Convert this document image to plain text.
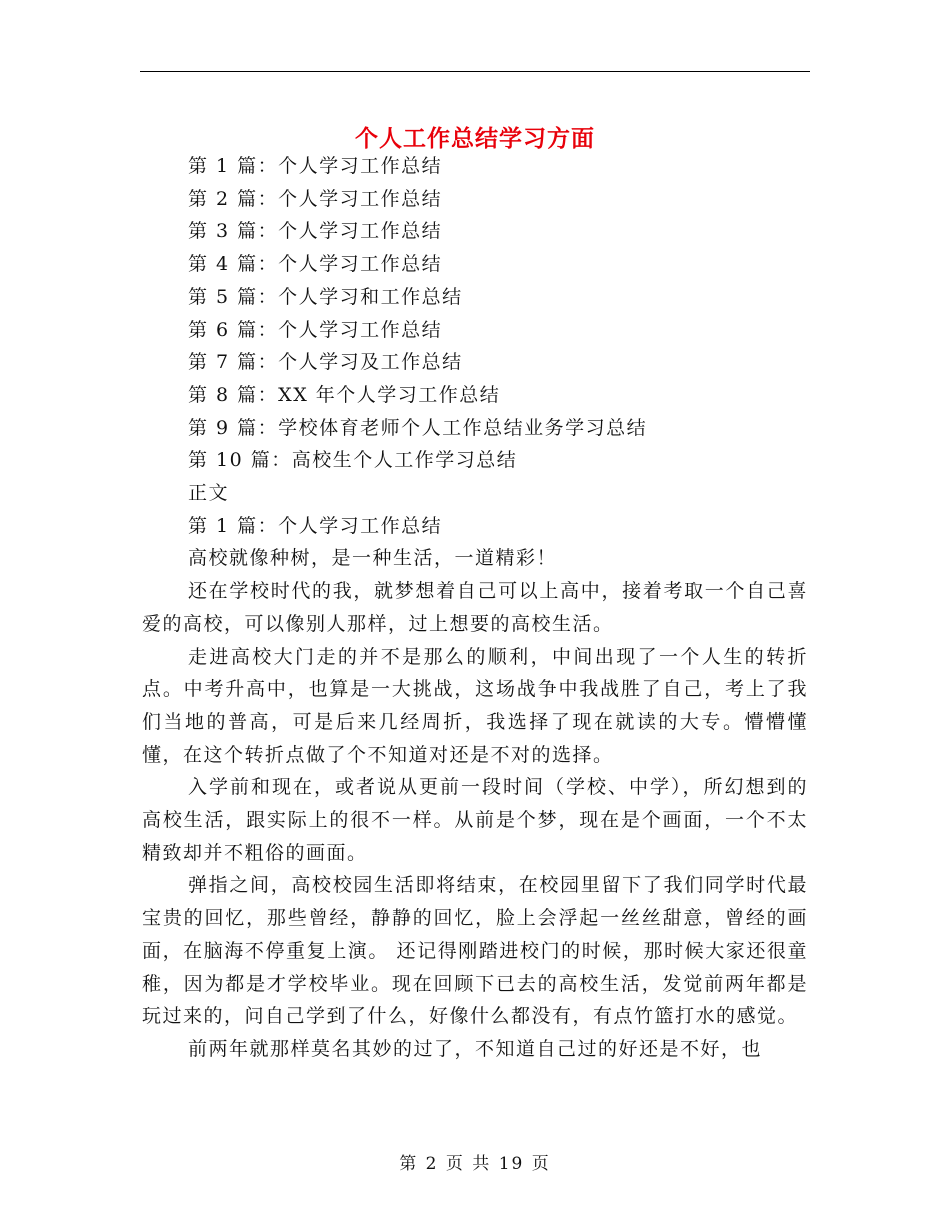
个人工作总结学习方面

第 1 篇：个人学习工作总结

第 2 篇：个人学习工作总结

第 3 篇：个人学习工作总结

第 4 篇：个人学习工作总结

第 5 篇：个人学习和工作总结

第 6 篇：个人学习工作总结

第 7 篇：个人学习及工作总结

第 8 篇：XX 年个人学习工作总结

第 9 篇：学校体育老师个人工作总结业务学习总结

第 10 篇：高校生个人工作学习总结

正文

第 1 篇：个人学习工作总结

高校就像种树，是一种生活，一道精彩！

还在学校时代的我，就梦想着自己可以上高中，接着考取一个自己喜爱的高校，可以像别人那样，过上想要的高校生活。

走进高校大门走的并不是那么的顺利，中间出现了一个人生的转折点。中考升高中，也算是一大挑战，这场战争中我战胜了自己，考上了我们当地的普高，可是后来几经周折，我选择了现在就读的大专。懵懵懂懂，在这个转折点做了个不知道对还是不对的选择。

入学前和现在，或者说从更前一段时间（学校、中学），所幻想到的高校生活，跟实际上的很不一样。从前是个梦，现在是个画面，一个不太精致却并不粗俗的画面。

弹指之间，高校校园生活即将结束，在校园里留下了我们同学时代最宝贵的回忆，那些曾经，静静的回忆，脸上会浮起一丝丝甜意，曾经的画面，在脑海不停重复上演。 还记得刚踏进校门的时候，那时候大家还很童稚，因为都是才学校毕业。现在回顾下已去的高校生活，发觉前两年都是玩过来的，问自己学到了什么，好像什么都没有，有点竹篮打水的感觉。

前两年就那样莫名其妙的过了，不知道自己过的好还是不好，也

第 2 页 共 19 页
